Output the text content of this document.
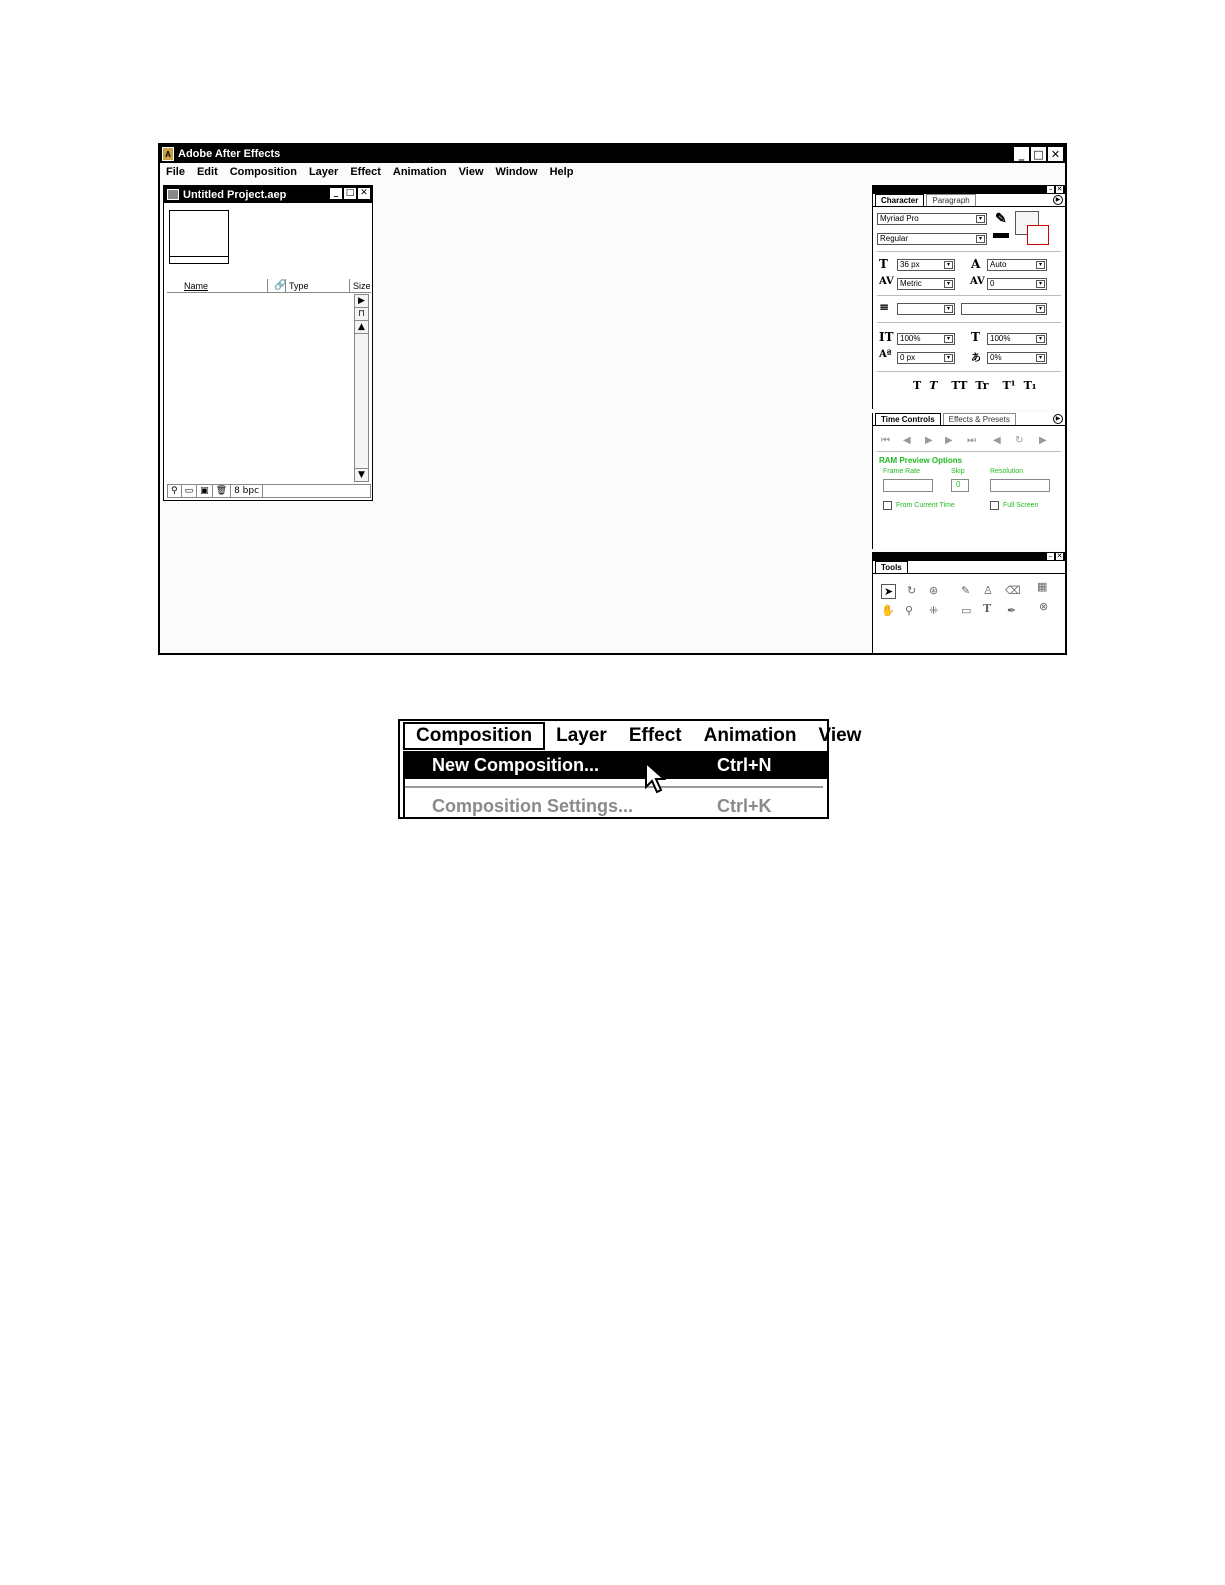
A Adobe After Effects	_ □ ✕
File Edit Composition Layer Effect Animation View Window Help
Untitled Project.aep	_ □ ✕
Name	🔗 Type	Size
▶
⊓
▲
▼
⚲ ▭ ▣ 🗑 8 bpc
– ✕
Character	Paragraph	▶
Myriad Pro	▾
Regular	▾
✎
T	36 px	▾ A	Auto	▾
AV Metric	▾	AV 0	▾
≡	▾	▾
IT 100%	▾ T	100%	▾
Aª	0 px	▾	あ	0%	▾
T T TT Tr T¹ T₁
Time Controls	Effects & Presets	▶
⏮ ◀ ▶ ▶ ⏭ ◀ ↻ ▶
RAM Preview Options
Frame Rate	Skip	Resolution
0
From Current Time	Full Screen
– ✕
Tools
➤ ↻ ⊛ ✎ ♙ ⌫ ▦
✋ ⚲ ⁜ ▭ T ✒ ⊗
Composition	Layer	Effect	Animation	View
New Composition...	Ctrl+N
Composition Settings...	Ctrl+K
